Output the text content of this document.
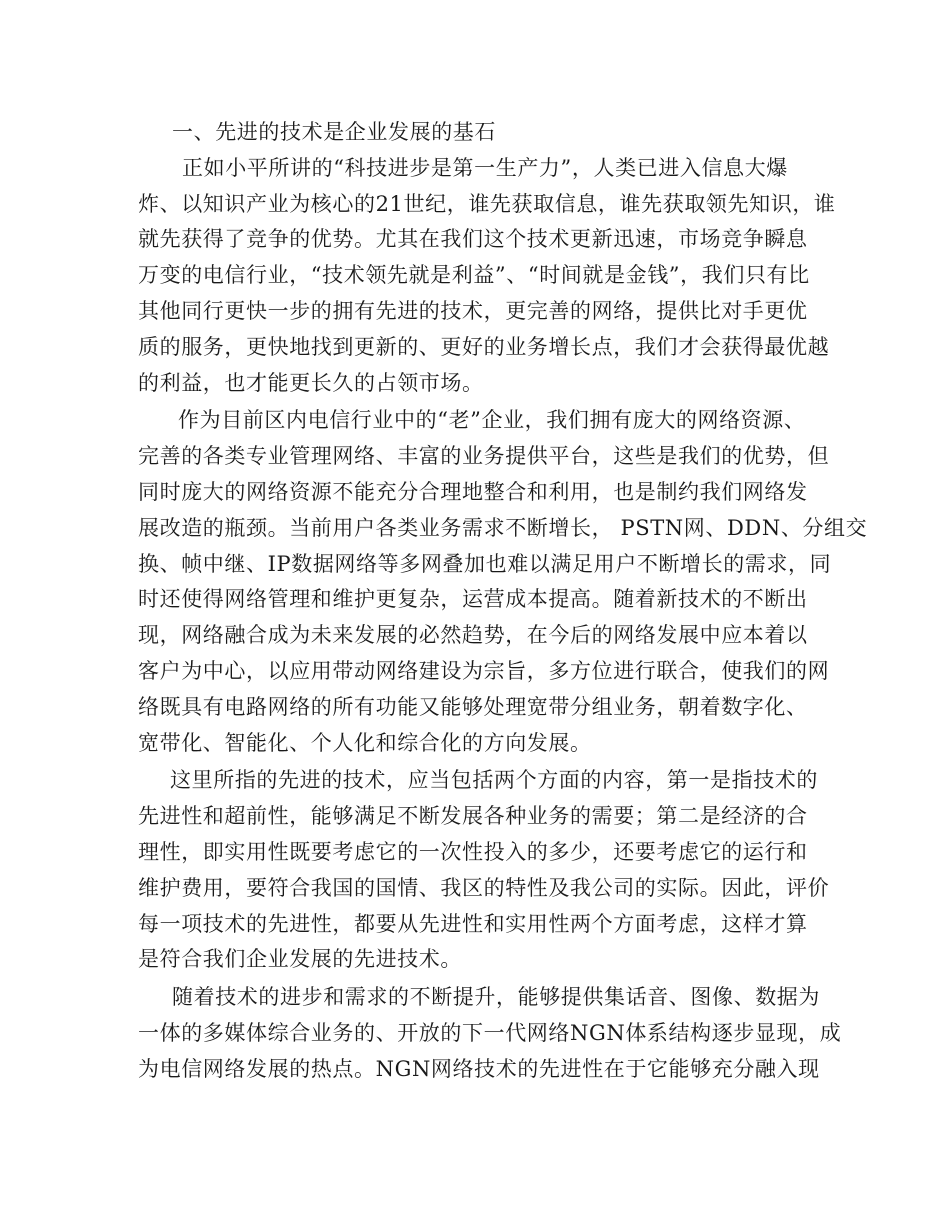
一、先进的技术是企业发展的基石
正如小平所讲的“科技进步是第一生产力”，人类已进入信息大爆
炸、以知识产业为核心的21世纪，谁先获取信息，谁先获取领先知识，谁
就先获得了竞争的优势。尤其在我们这个技术更新迅速，市场竞争瞬息
万变的电信行业，“技术领先就是利益”、“时间就是金钱”，我们只有比
其他同行更快一步的拥有先进的技术，更完善的网络，提供比对手更优
质的服务，更快地找到更新的、更好的业务增长点，我们才会获得最优越
的利益，也才能更长久的占领市场。
作为目前区内电信行业中的“老”企业，我们拥有庞大的网络资源、
完善的各类专业管理网络、丰富的业务提供平台，这些是我们的优势，但
同时庞大的网络资源不能充分合理地整合和利用，也是制约我们网络发
展改造的瓶颈。当前用户各类业务需求不断增长， PSTN网、DDN、分组交
换、帧中继、IP数据网络等多网叠加也难以满足用户不断增长的需求，同
时还使得网络管理和维护更复杂，运营成本提高。随着新技术的不断出
现，网络融合成为未来发展的必然趋势，在今后的网络发展中应本着以
客户为中心，以应用带动网络建设为宗旨，多方位进行联合，使我们的网
络既具有电路网络的所有功能又能够处理宽带分组业务，朝着数字化、
宽带化、智能化、个人化和综合化的方向发展。
这里所指的先进的技术，应当包括两个方面的内容，第一是指技术的
先进性和超前性，能够满足不断发展各种业务的需要；第二是经济的合
理性，即实用性既要考虑它的一次性投入的多少，还要考虑它的运行和
维护费用，要符合我国的国情、我区的特性及我公司的实际。因此，评价
每一项技术的先进性，都要从先进性和实用性两个方面考虑，这样才算
是符合我们企业发展的先进技术。
随着技术的进步和需求的不断提升，能够提供集话音、图像、数据为
一体的多媒体综合业务的、开放的下一代网络NGN体系结构逐步显现，成
为电信网络发展的热点。NGN网络技术的先进性在于它能够充分融入现
